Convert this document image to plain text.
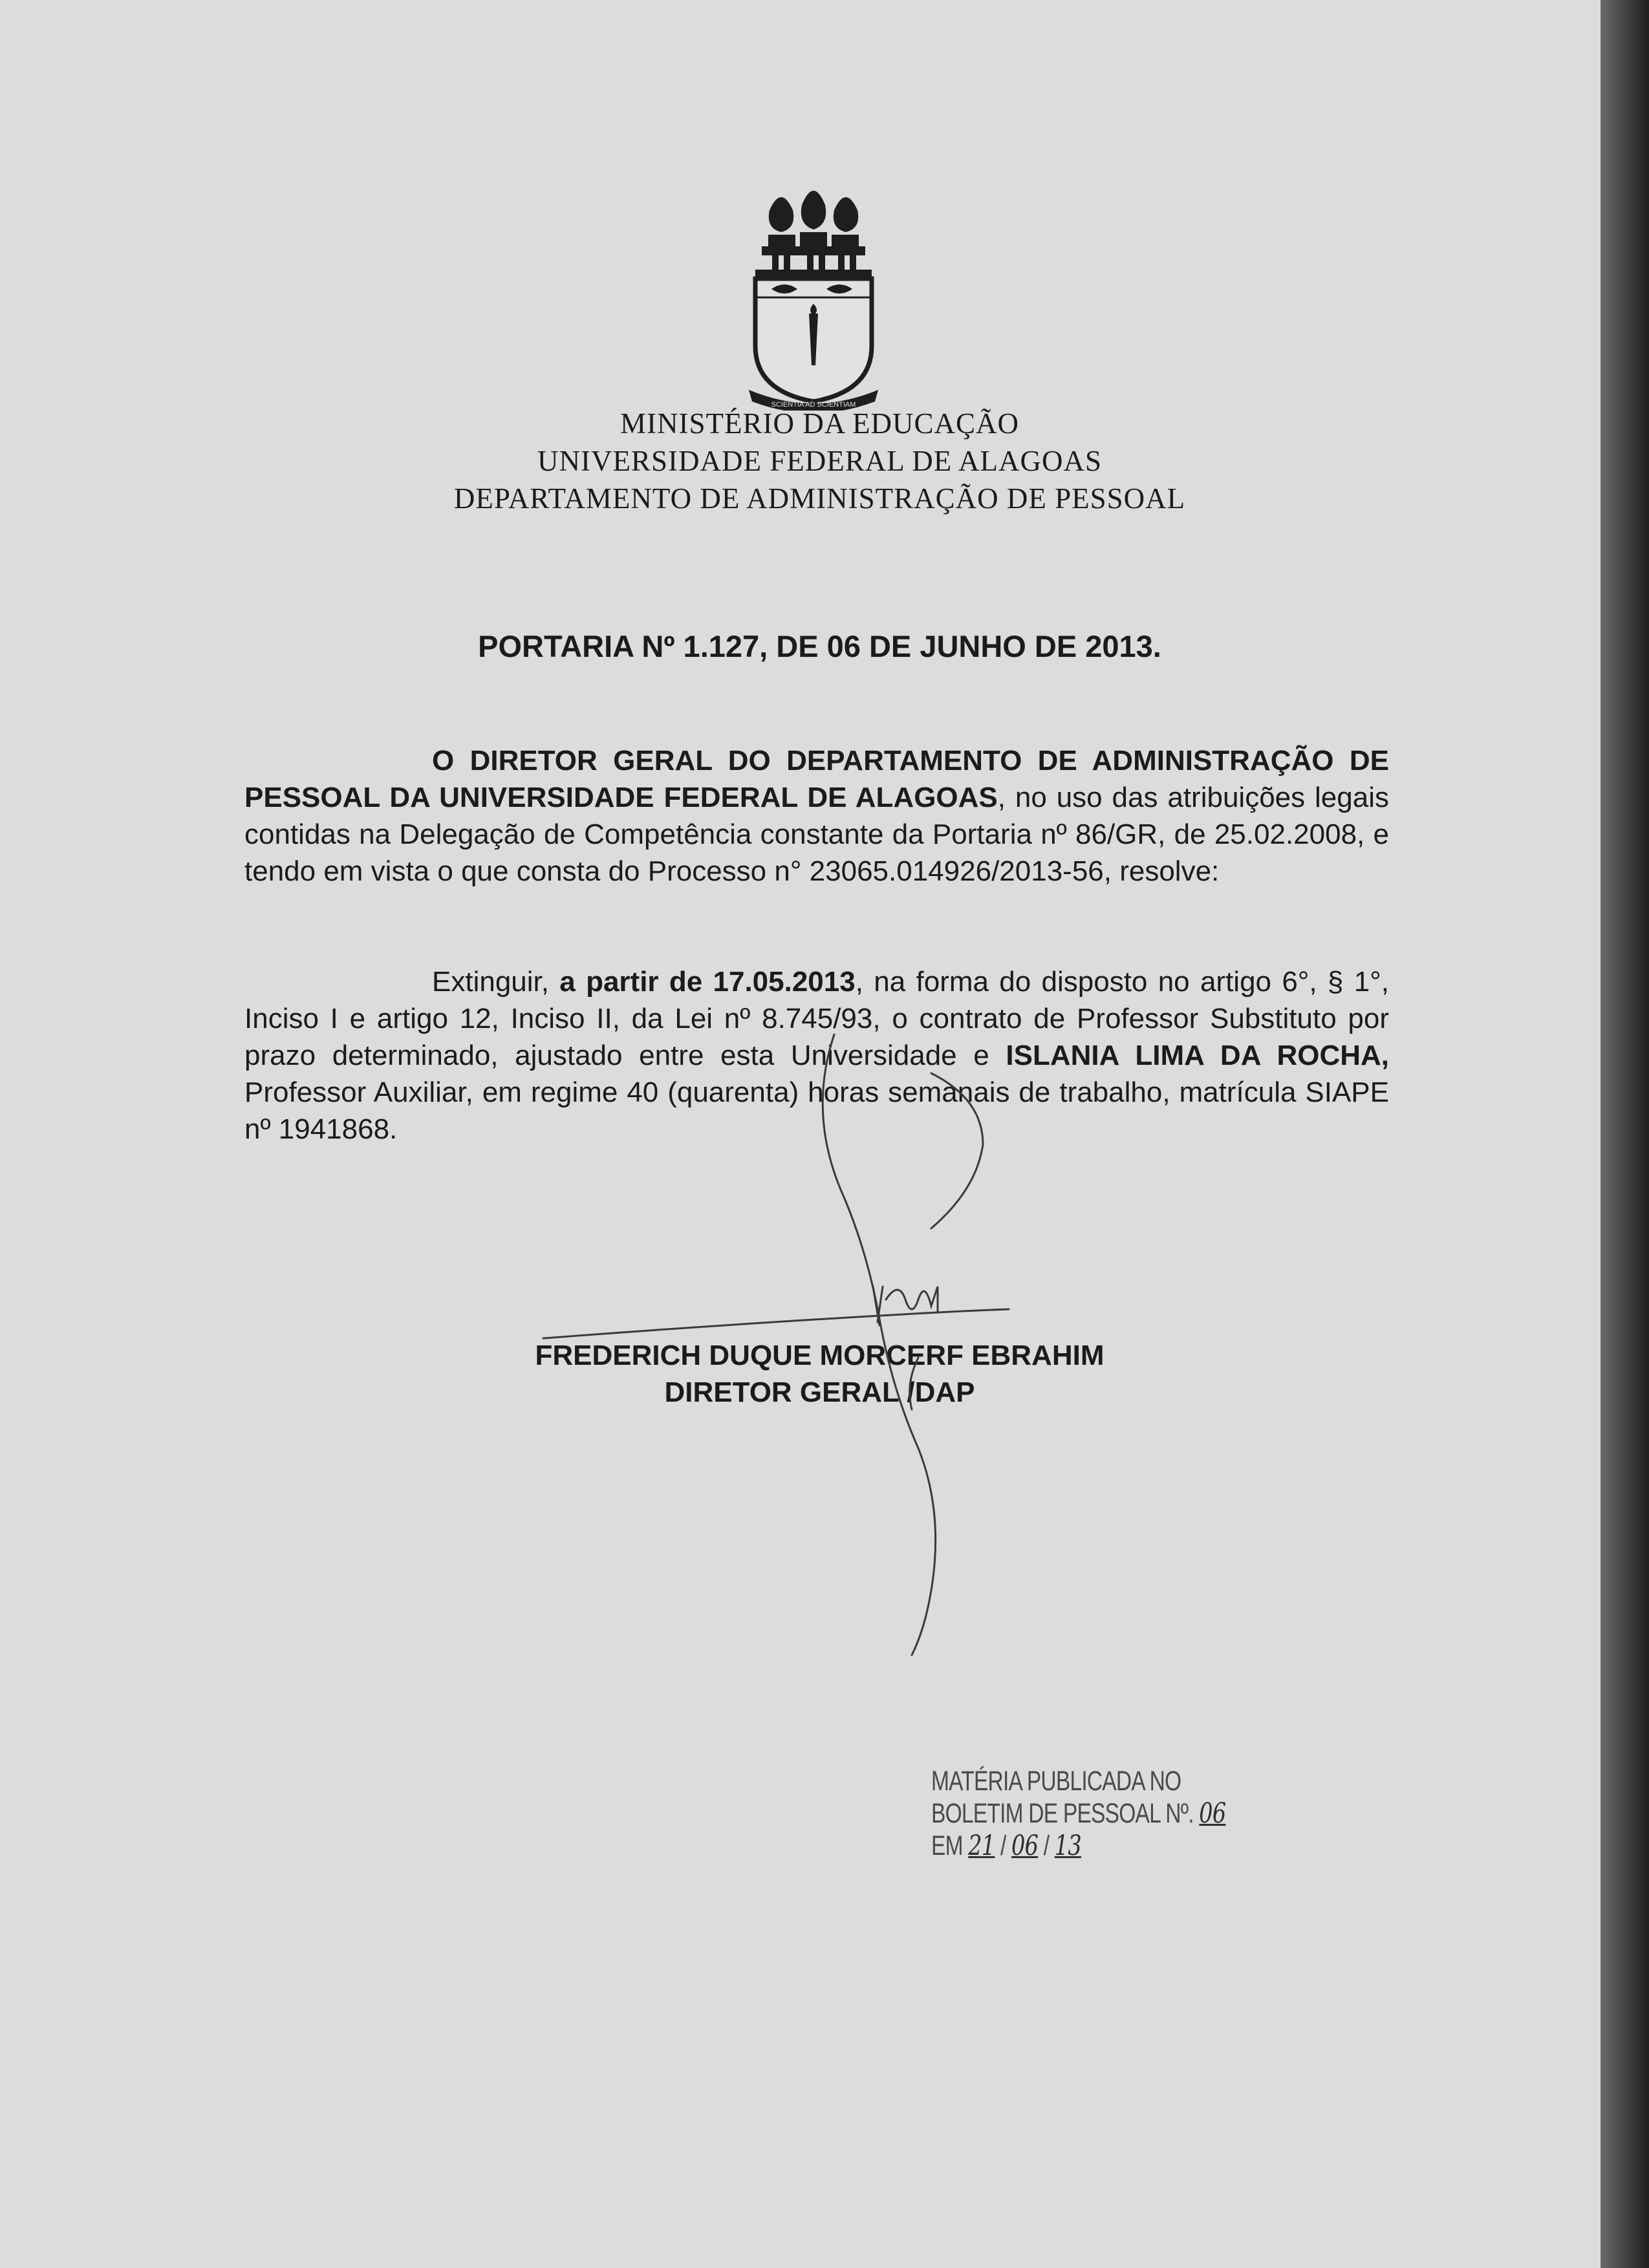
SCIENTIA AD SCIENTIAM
MINISTÉRIO DA EDUCAÇÃO
UNIVERSIDADE FEDERAL DE ALAGOAS
DEPARTAMENTO DE ADMINISTRAÇÃO DE PESSOAL
PORTARIA Nº 1.127, DE 06 DE JUNHO DE 2013.
O DIRETOR GERAL DO DEPARTAMENTO DE ADMINISTRAÇÃO DE PESSOAL DA UNIVERSIDADE FEDERAL DE ALAGOAS, no uso das atribuições legais contidas na Delegação de Competência constante da Portaria nº 86/GR, de 25.02.2008, e tendo em vista o que consta do Processo n° 23065.014926/2013-56, resolve:
Extinguir, a partir de 17.05.2013, na forma do disposto no artigo 6°, § 1°, Inciso I e artigo 12, Inciso II, da Lei nº 8.745/93, o contrato de Professor Substituto por prazo determinado, ajustado entre esta Universidade e ISLANIA LIMA DA ROCHA, Professor Auxiliar, em regime 40 (quarenta) horas semanais de trabalho, matrícula SIAPE nº 1941868.
FREDERICH DUQUE MORCERF EBRAHIM
DIRETOR GERAL /DAP
MATÉRIA PUBLICADA NO
BOLETIM DE PESSOAL Nº. 06
EM 21 / 06 / 13
